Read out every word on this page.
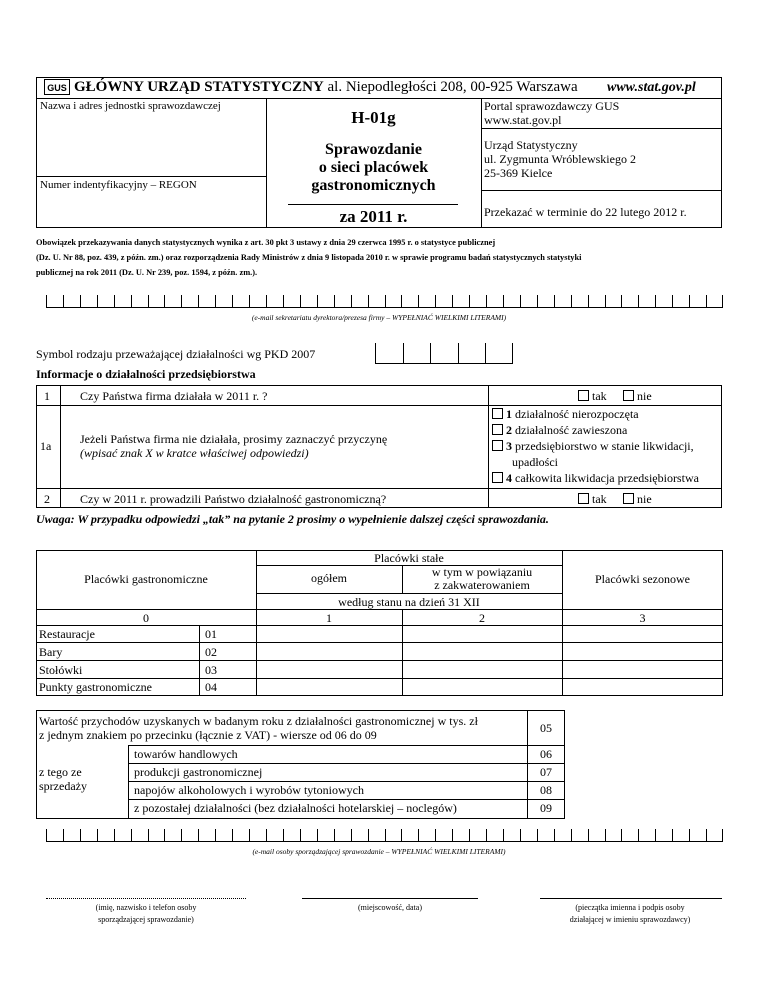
GUS GŁÓWNY URZĄD STATYSTYCZNY al. Niepodległości 208, 00-925 Warszawa www.stat.gov.pl
Nazwa i adres jednostki sprawozdawczej
Numer indentyfikacyjny – REGON
H-01g
Sprawozdanie
o sieci placówek
gastronomicznych
za 2011 r.
Portal sprawozdawczy GUS
www.stat.gov.pl
Urząd Statystyczny
ul. Zygmunta Wróblewskiego 2
25-369 Kielce
Przekazać w terminie do 22 lutego 2012 r.
Obowiązek przekazywania danych statystycznych wynika z art. 30 pkt 3 ustawy z dnia 29 czerwca 1995 r. o statystyce publicznej
(Dz. U. Nr 88, poz. 439, z późn. zm.) oraz rozporządzenia Rady Ministrów z dnia 9 listopada 2010 r. w sprawie programu badań statystycznych statystyki
publicznej na rok 2011 (Dz. U. Nr 239, poz. 1594, z późn. zm.).
(e-mail sekretariatu dyrektora/prezesa firmy – WYPEŁNIAĆ WIELKIMI LITERAMI)
Symbol rodzaju przeważającej działalności wg PKD 2007
Informacje o działalności przedsiębiorstwa
1	Czy Państwa firma działała w 2011 r. ?	tak	nie
1a Jeżeli Państwa firma nie działała, prosimy zaznaczyć przyczynę
(wpisać znak X w kratce właściwej odpowiedzi)
1 działalność nierozpoczęta
2 działalność zawieszona
3 przedsiębiorstwo w stanie likwidacji,
upadłości
4 całkowita likwidacja przedsiębiorstwa
2	Czy w 2011 r. prowadzili Państwo działalność gastronomiczną?	tak	nie
Uwaga: W przypadku odpowiedzi „tak” na pytanie 2 prosimy o wypełnienie dalszej części sprawozdania.
Placówki gastronomiczne
Placówki stałe
ogółem	w tym w powiązaniu
z zakwaterowaniem	Placówki sezonowe
według stanu na dzień 31 XII
0	1	2	3
Restauracje	01
Bary	02
Stołówki	03
Punkty gastronomiczne	04
Wartość przychodów uzyskanych w badanym roku z działalności gastronomicznej w tys. zł
z jednym znakiem po przecinku (łącznie z VAT) - wiersze od 06 do 09	05
z tego ze
sprzedaży
towarów handlowych	06
produkcji gastronomicznej	07
napojów alkoholowych i wyrobów tytoniowych	08
z pozostałej działalności (bez działalności hotelarskiej – noclegów)	09
(e-mail osoby sporządzającej sprawozdanie – WYPEŁNIAĆ WIELKIMI LITERAMI)
(imię, nazwisko i telefon osoby
sporządzającej sprawozdanie)
(miejscowość, data)	(pieczątka imienna i podpis osoby
działającej w imieniu sprawozdawcy)
